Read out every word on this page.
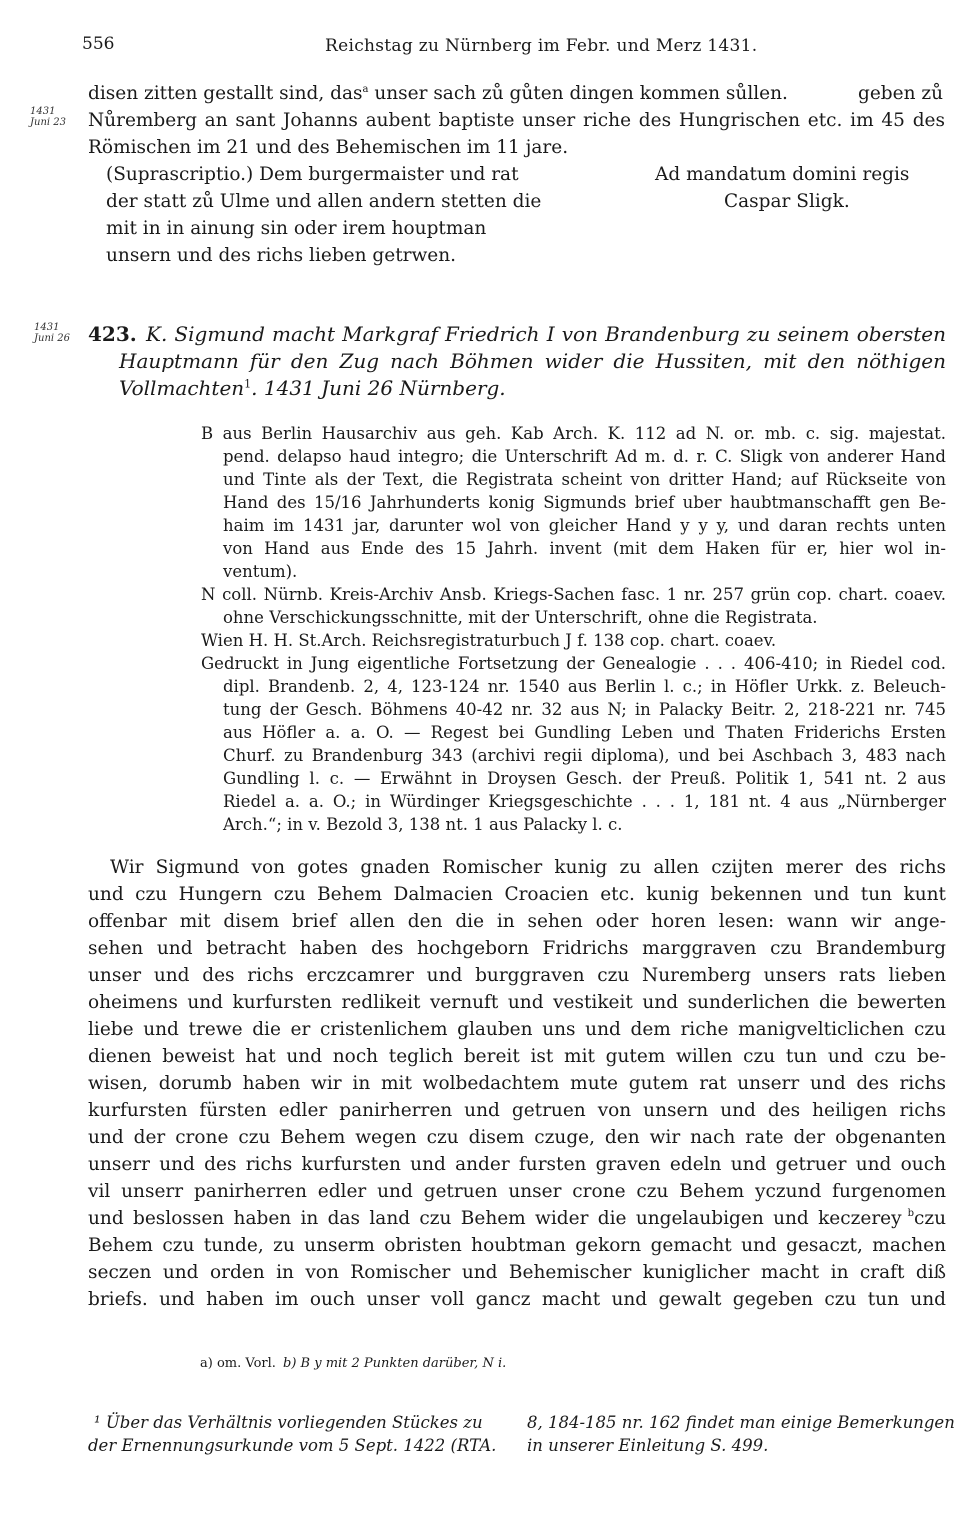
556	Reichstag zu Nürnberg im Febr. und Merz 1431.
1431
Juni 23
disen zitten gestallt sind, das$^a$ unser sach zů gůten dingen kommen sůllen.	geben zů
Nůremberg an sant Johanns aubent baptiste unser riche des Hungrischen etc. im 45 des
Römischen im 21 und des Behemischen im 11 jare.
(Suprascriptio.) Dem burgermaister und rat
der statt zů Ulme und allen andern stetten die
mit in in ainung sin oder irem houptman
unsern und des richs lieben getrwen.
Ad mandatum domini regis
Caspar Sligk.
1431
Juni 26 423. K. Sigmund macht Markgraf Friedrich I von Brandenburg zu seinem obersten
Hauptmann für den Zug nach Böhmen wider die Hussiten, mit den nöthigen
Vollmachten$^1$. 1431 Juni 26 Nürnberg.
B aus Berlin Hausarchiv aus geh. Kab Arch. K. 112 ad N. or. mb. c. sig. majestat.
pend. delapso haud integro; die Unterschrift Ad m. d. r. C. Sligk von anderer Hand
und Tinte als der Text, die Registrata scheint von dritter Hand; auf Rückseite von
Hand des 15/16 Jahrhunderts konig Sigmunds brief uber haubtmanschafft gen Be-
haim im 1431 jar, darunter wol von gleicher Hand y y y, und daran rechts unten
von Hand aus Ende des 15 Jahrh. invent (mit dem Haken für er, hier wol in-
ventum).
N coll. Nürnb. Kreis-Archiv Ansb. Kriegs-Sachen fasc. 1 nr. 257 grün cop. chart. coaev.
ohne Verschickungsschnitte, mit der Unterschrift, ohne die Registrata.
Wien H. H. St.Arch. Reichsregistraturbuch J f. 138 cop. chart. coaev.
Gedruckt in Jung eigentliche Fortsetzung der Genealogie . . . 406-410; in Riedel cod.
dipl. Brandenb. 2, 4, 123-124 nr. 1540 aus Berlin l. c.; in Höfler Urkk. z. Beleuch-
tung der Gesch. Böhmens 40-42 nr. 32 aus N; in Palacky Beitr. 2, 218-221 nr. 745
aus Höfler a. a. O. — Regest bei Gundling Leben und Thaten Friderichs Ersten
Churf. zu Brandenburg 343 (archivi regii diploma), und bei Aschbach 3, 483 nach
Gundling l. c. — Erwähnt in Droysen Gesch. der Preuß. Politik 1, 541 nt. 2 aus
Riedel a. a. O.; in Würdinger Kriegsgeschichte . . . 1, 181 nt. 4 aus „Nürnberger
Arch.“; in v. Bezold 3, 138 nt. 1 aus Palacky l. c.
Wir Sigmund von gotes gnaden Romischer kunig zu allen czijten merer des richs
und czu Hungern czu Behem Dalmacien Croacien etc. kunig bekennen und tun kunt
offenbar mit disem brief allen den die in sehen oder horen lesen: wann wir ange-
sehen und betracht haben des hochgeborn Fridrichs marggraven czu Brandemburg
unser und des richs erczcamrer und burggraven czu Nuremberg unsers rats lieben
oheimens und kurfursten redlikeit vernuft und vestikeit und sunderlichen die bewerten
liebe und trewe die er cristenlichem glauben uns und dem riche manigvelticlichen czu
dienen beweist hat und noch teglich bereit ist mit gutem willen czu tun und czu be-
wisen, dorumb haben wir in mit wolbedachtem mute gutem rat unserr und des richs
kurfursten fürsten edler panirherren und getruen von unsern und des heiligen richs
und der crone czu Behem wegen czu disem czuge, den wir nach rate der obgenanten
unserr und des richs kurfursten und ander fursten graven edeln und getruer und ouch
vil unserr panirherren edler und getruen unser crone czu Behem yczund furgenomen
und beslossen haben in das land czu Behem wider die ungelaubigen und keczerey b czu
Behem czu tunde, zu unserm obristen houbtman gekorn gemacht und gesaczt, machen
seczen und orden in von Romischer und Behemischer kuniglicher macht in craft diß
briefs. und haben im ouch unser voll gancz macht und gewalt gegeben czu tun und
a) om. Vorl. b) B y mit 2 Punkten darüber, N i.
¹ Über das Verhältnis vorliegenden Stückes zu
der Ernennungsurkunde vom 5 Sept. 1422 (RTA.
8, 184-185 nr. 162 findet man einige Bemerkungen
in unserer Einleitung S. 499.
